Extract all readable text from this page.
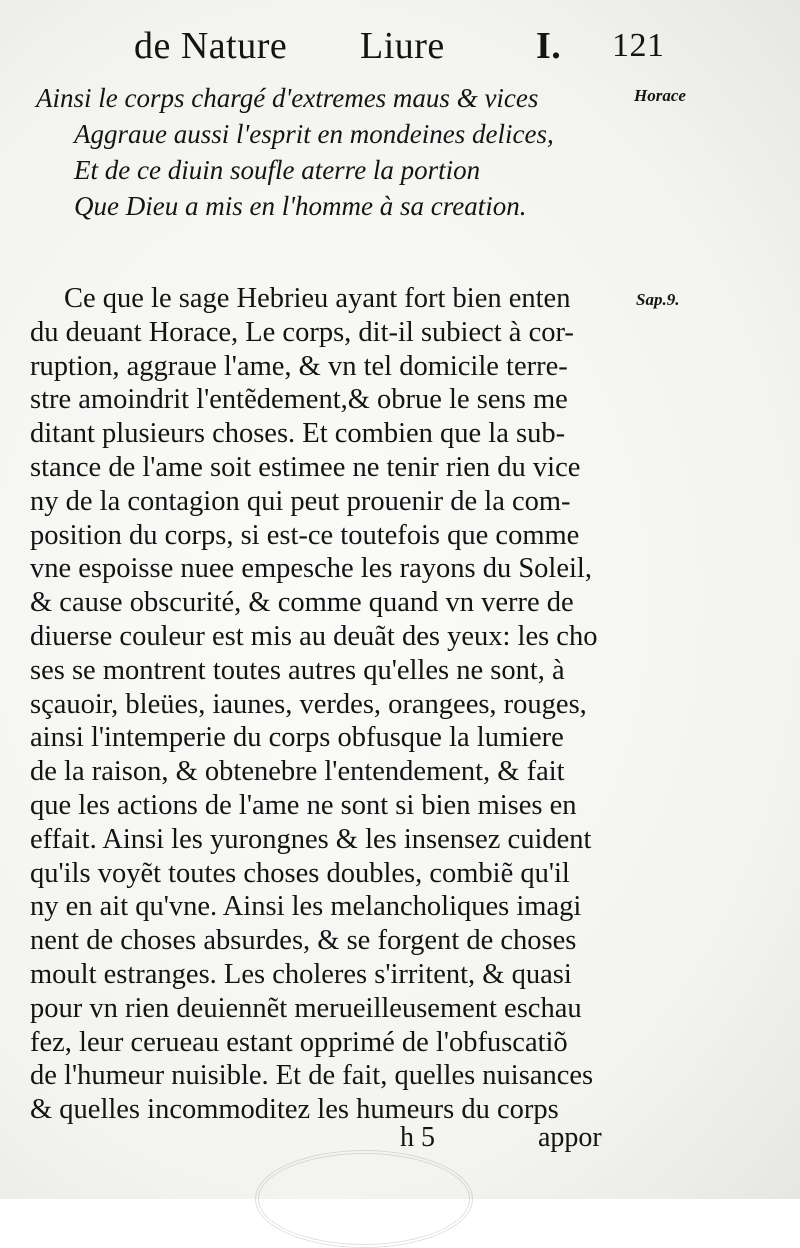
de Nature Liure I. 121
Ainsi le corps chargé d'extremes maus & vices
Aggraue aussi l'esprit en mondeines delices,
Et de ce diuin soufle aterre la portion
Que Dieu a mis en l'homme à sa creation.
Horace
Sap.9.
Ce que le sage Hebrieu ayant fort bien enten
du deuant Horace, Le corps, dit-il subiect à cor-
ruption, aggraue l'ame, & vn tel domicile terre-
stre amoindrit l'entẽdement,& obrue le sens me
ditant plusieurs choses. Et combien que la sub-
stance de l'ame soit estimee ne tenir rien du vice
ny de la contagion qui peut prouenir de la com-
position du corps, si est-ce toutefois que comme
vne espoisse nuee empesche les rayons du Soleil,
& cause obscurité, & comme quand vn verre de
diuerse couleur est mis au deuãt des yeux: les cho
ses se montrent toutes autres qu'elles ne sont, à
sçauoir, bleües, iaunes, verdes, orangees, rouges,
ainsi l'intemperie du corps obfusque la lumiere
de la raison, & obtenebre l'entendement, & fait
que les actions de l'ame ne sont si bien mises en
effait. Ainsi les yurongnes & les insensez cuident
qu'ils voyẽt toutes choses doubles, combiẽ qu'il
ny en ait qu'vne. Ainsi les melancholiques imagi
nent de choses absurdes, & se forgent de choses
moult estranges. Les choleres s'irritent, & quasi
pour vn rien deuiennẽt merueilleusement eschau
fez, leur cerueau estant opprimé de l'obfuscatiõ
de l'humeur nuisible. Et de fait, quelles nuisances
& quelles incommoditez les humeurs du corps
h 5	appor
